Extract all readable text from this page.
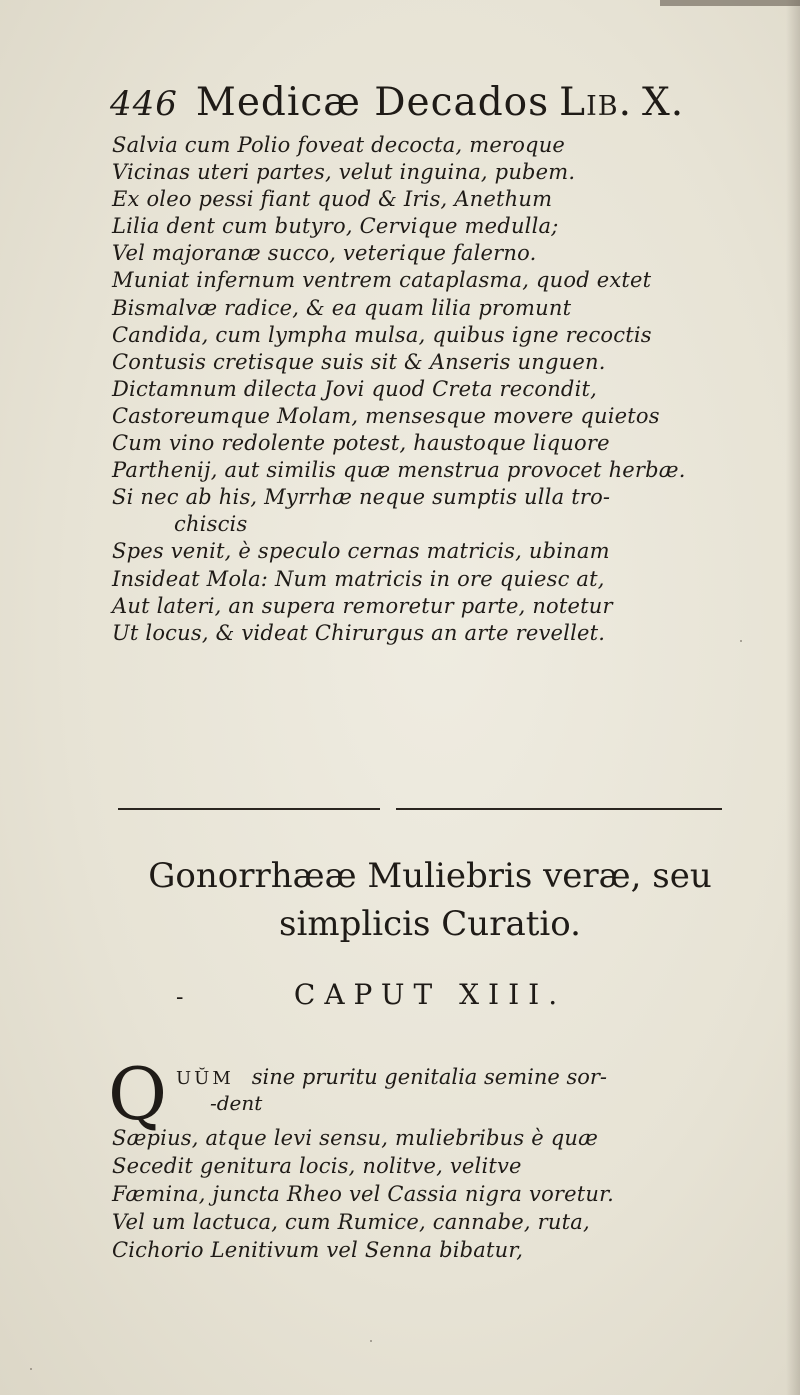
446 Medicæ Decados Lib. X.
Salvia cum Polio foveat decocta, meroque
Vicinas uteri partes, velut inguina, pubem.
Ex oleo pessi fiant quod & Iris, Anethum
Lilia dent cum butyro, Cervique medulla;
Vel majoranæ succo, veterique falerno.
Muniat infernum ventrem cataplasma, quod extet
Bismalvæ radice, & ea quam lilia promunt
Candida, cum lympha mulsa, quibus igne recoctis
Contusis cretisque suis sit & Anseris unguen.
Dictamnum dilecta Jovi quod Creta recondit,
Castoreumque Molam, mensesque movere quietos
Cum vino redolente potest, haustoque liquore
Parthenij, aut similis quæ menstrua provocet herbæ.
Si nec ab his, Myrrhæ neque sumptis ulla tro-
chiscis
Spes venit, è speculo cernas matricis, ubinam
Insideat Mola: Num matricis in ore quiesc at,
Aut lateri, an supera remoretur parte, notetur
Ut locus, & videat Chirurgus an arte revellet.
Gonorrhææ Muliebris veræ, seu
simplicis Curatio.
-	CAPUT XIII.
Q UŬM sine pruritu genitalia semine sor-
-dent
Sæpius, atque levi sensu, muliebribus è quæ
Secedit genitura locis, nolitve, velitve
Fæmina, juncta Rheo vel Cassia nigra voretur.
Vel um lactuca, cum Rumice, cannabe, ruta,
Cichorio Lenitivum vel Senna bibatur,
